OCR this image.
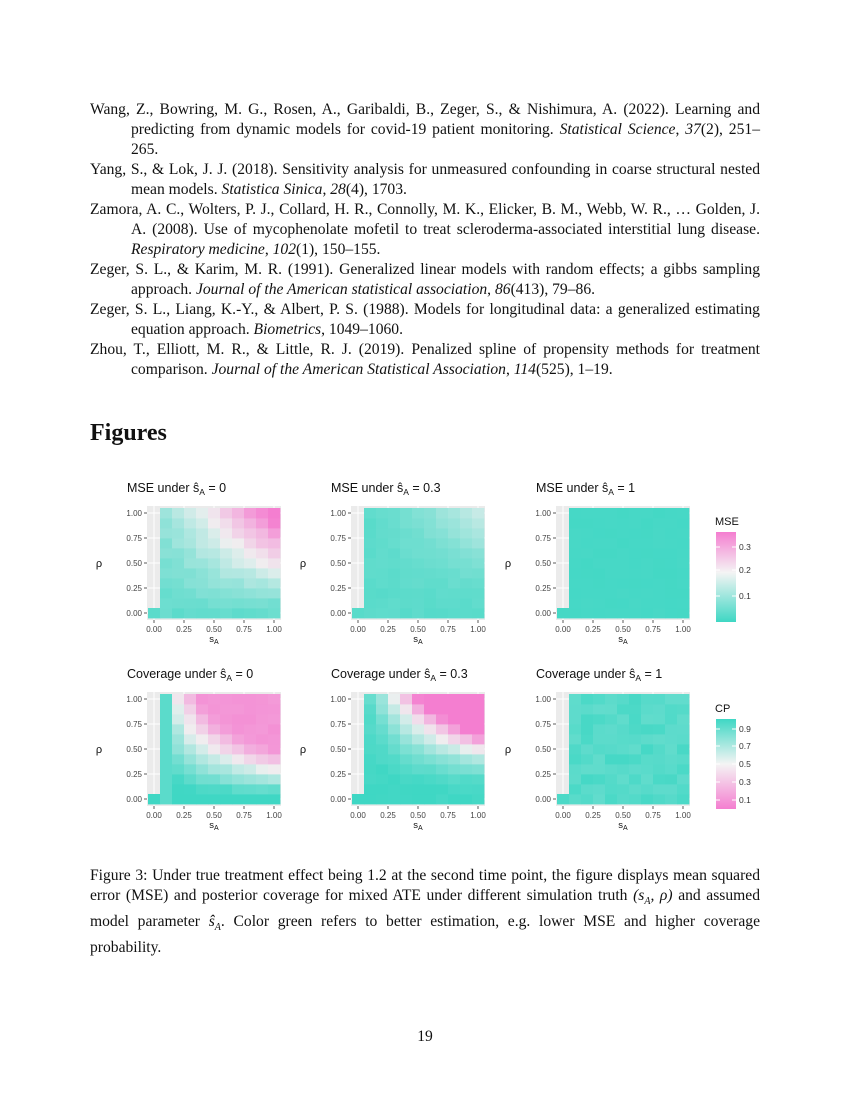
Wang, Z., Bowring, M. G., Rosen, A., Garibaldi, B., Zeger, S., & Nishimura, A. (2022). Learning and predicting from dynamic models for covid-19 patient monitoring. Statistical Science, 37(2), 251–265.
Yang, S., & Lok, J. J. (2018). Sensitivity analysis for unmeasured confounding in coarse structural nested mean models. Statistica Sinica, 28(4), 1703.
Zamora, A. C., Wolters, P. J., Collard, H. R., Connolly, M. K., Elicker, B. M., Webb, W. R., … Golden, J. A. (2008). Use of mycophenolate mofetil to treat scleroderma-associated interstitial lung disease. Respiratory medicine, 102(1), 150–155.
Zeger, S. L., & Karim, M. R. (1991). Generalized linear models with random effects; a gibbs sampling approach. Journal of the American statistical association, 86(413), 79–86.
Zeger, S. L., Liang, K.-Y., & Albert, P. S. (1988). Models for longitudinal data: a generalized estimating equation approach. Biometrics, 1049–1060.
Zhou, T., Elliott, M. R., & Little, R. J. (2019). Penalized spline of propensity methods for treatment comparison. Journal of the American Statistical Association, 114(525), 1–19.
Figures
0.00
0.25
0.50
0.75
1.00
0.00 0.25 0.50 0.75 1.00
$s_A$
ρ
MSE under $ŝ_A = 0$
0.00
0.25
0.50
0.75
1.00
0.00 0.25 0.50 0.75 1.00
$s_A$
ρ
MSE under $ŝ_A = 0.3$
0.00
0.25
0.50
0.75
1.00
0.00 0.25 0.50 0.75 1.00
$s_A$
ρ
MSE under $ŝ_A = 1$
0.00
0.25
0.50
0.75
1.00
0.00 0.25 0.50 0.75 1.00
$s_A$
ρ
Coverage under $ŝ_A = 0$
0.00
0.25
0.50
0.75
1.00
0.00 0.25 0.50 0.75 1.00
$s_A$
ρ
Coverage under $ŝ_A = 0.3$
0.00
0.25
0.50
0.75
1.00
0.00 0.25 0.50 0.75 1.00
$s_A$
ρ
Coverage under $ŝ_A = 1$
MSE
0.3
0.2
0.1
CP
0.9
0.7
0.5
0.3
0.1
Figure 3: Under true treatment effect being 1.2 at the second time point, the figure displays mean squared error (MSE) and posterior coverage for mixed ATE under different simulation truth ($s_A$, ρ) and assumed model parameter $ŝ_A$. Color green refers to better estimation, e.g. lower MSE and higher coverage probability.
19
